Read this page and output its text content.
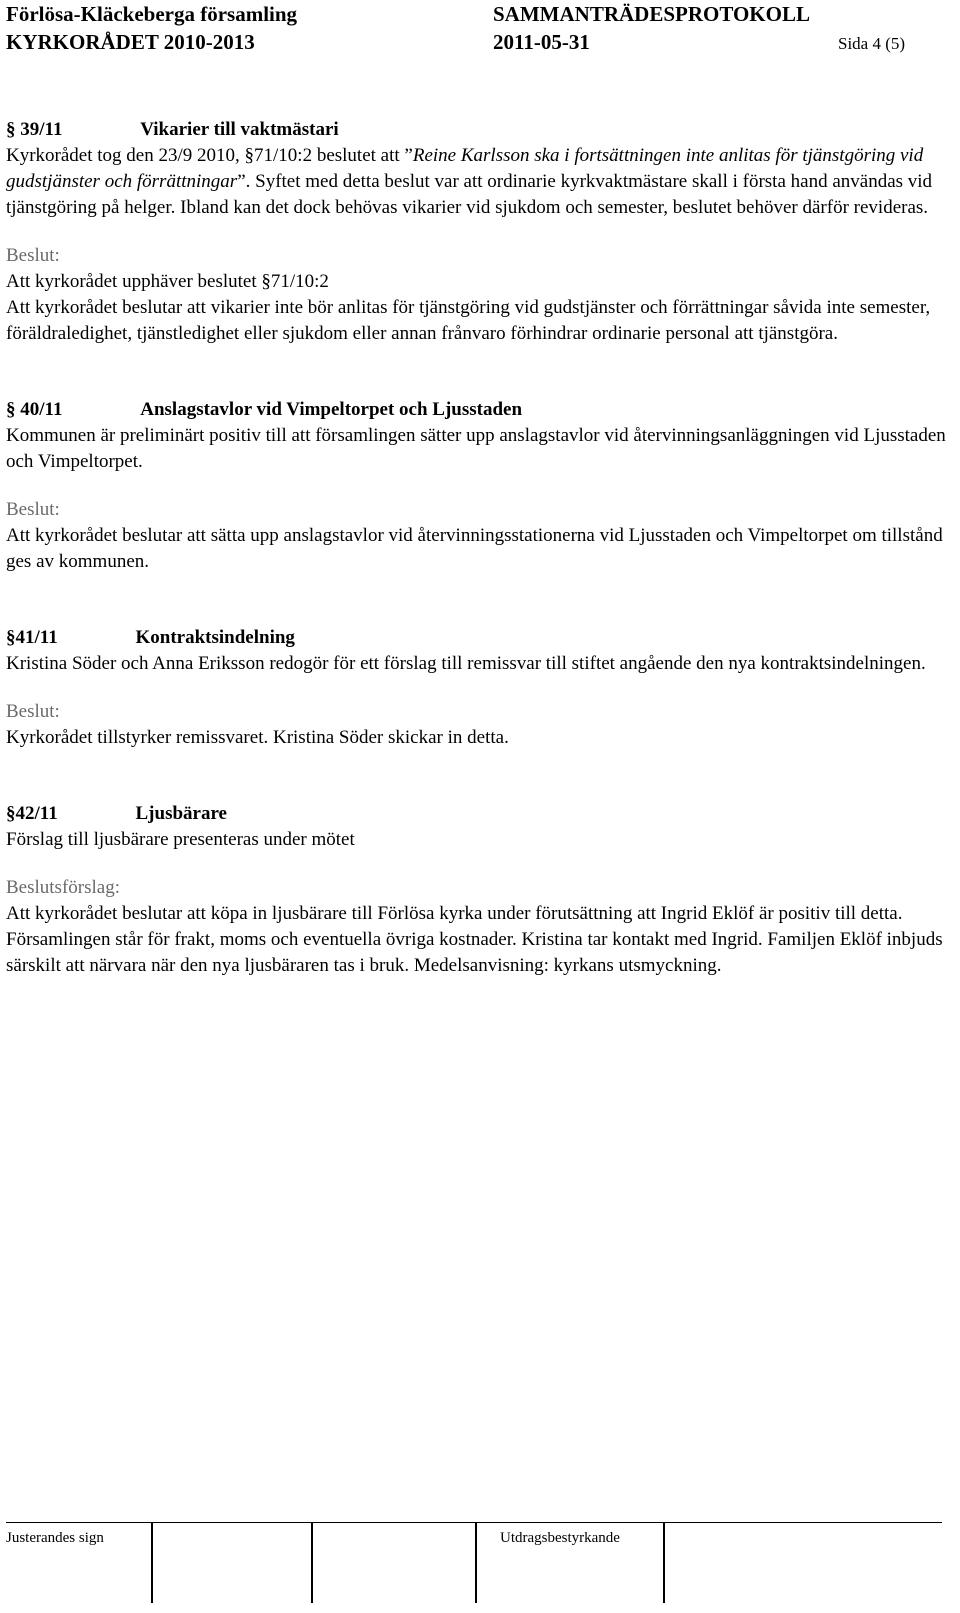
Förlösa-Kläckeberga församling	SAMMANTRÄDESPROTOKOLL
KYRKORÅDET 2010-2013	2011-05-31	Sida 4 (5)
§ 39/11	Vikarier till vaktmästari

Kyrkorådet tog den 23/9 2010, §71/10:2 beslutet att ”Reine Karlsson ska i fortsättningen inte anlitas för tjänstgöring vid gudstjänster och förrättningar”. Syftet med detta beslut var att ordinarie kyrkvaktmästare skall i första hand användas vid tjänstgöring på helger. Ibland kan det dock behövas vikarier vid sjukdom och semester, beslutet behöver därför revideras.

Beslut:
Att kyrkorådet upphäver beslutet §71/10:2
Att kyrkorådet beslutar att vikarier inte bör anlitas för tjänstgöring vid gudstjänster och förrättningar såvida inte semester, föräldraledighet, tjänstledighet eller sjukdom eller annan frånvaro förhindrar ordinarie personal att tjänstgöra.
§ 40/11	Anslagstavlor vid Vimpeltorpet och Ljusstaden

Kommunen är preliminärt positiv till att församlingen sätter upp anslagstavlor vid återvinningsanläggningen vid Ljusstaden och Vimpeltorpet.

Beslut:
Att kyrkorådet beslutar att sätta upp anslagstavlor vid återvinningsstationerna vid Ljusstaden och Vimpeltorpet om tillstånd ges av kommunen.
§41/11	Kontraktsindelning

Kristina Söder och Anna Eriksson redogör för ett förslag till remissvar till stiftet angående den nya kontraktsindelningen.

Beslut:
Kyrkorådet tillstyrker remissvaret. Kristina Söder skickar in detta.
§42/11	Ljusbärare

Förslag till ljusbärare presenteras under mötet

Beslutsförslag:
Att kyrkorådet beslutar att köpa in ljusbärare till Förlösa kyrka under förutsättning att Ingrid Eklöf är positiv till detta. Församlingen står för frakt, moms och eventuella övriga kostnader. Kristina tar kontakt med Ingrid. Familjen Eklöf inbjuds särskilt att närvara när den nya ljusbäraren tas i bruk. Medelsanvisning: kyrkans utsmyckning.
Justerandes sign	Utdragsbestyrkande
